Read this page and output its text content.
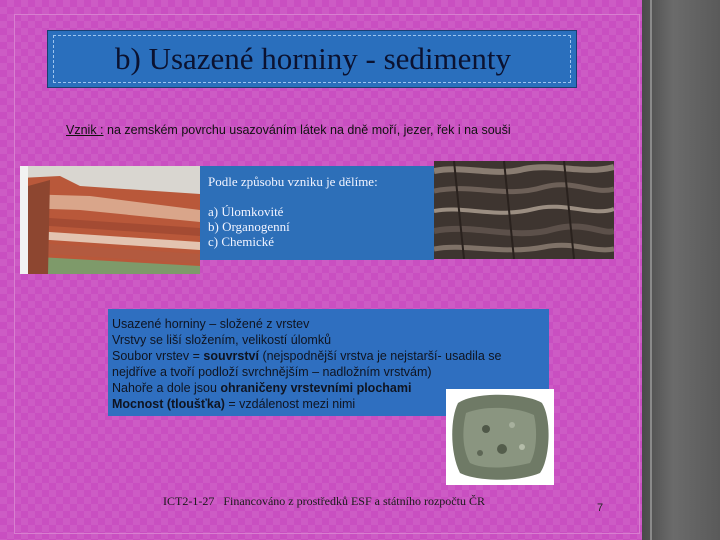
b) Usazené horniny - sedimenty
Vznik : na zemském povrchu usazováním látek na dně moří, jezer, řek i na souši
Podle způsobu vzniku je dělíme:
a) Úlomkovité
b) Organogenní
c) Chemické
Usazené horniny – složené z vrstev
Vrstvy se liší složením, velikostí úlomků
Soubor vrstev = souvrství (nejspodnější vrstva je nejstarší- usadila se nejdříve a tvoří podloží svrchnějším – nadložním vrstvám)
Nahoře a dole jsou ohraničeny vrstevními plochami
Mocnost (tloušťka) = vzdálenost mezi nimi
ICT2-1-27   Financováno z prostředků ESF a státního rozpočtu ČR	7
